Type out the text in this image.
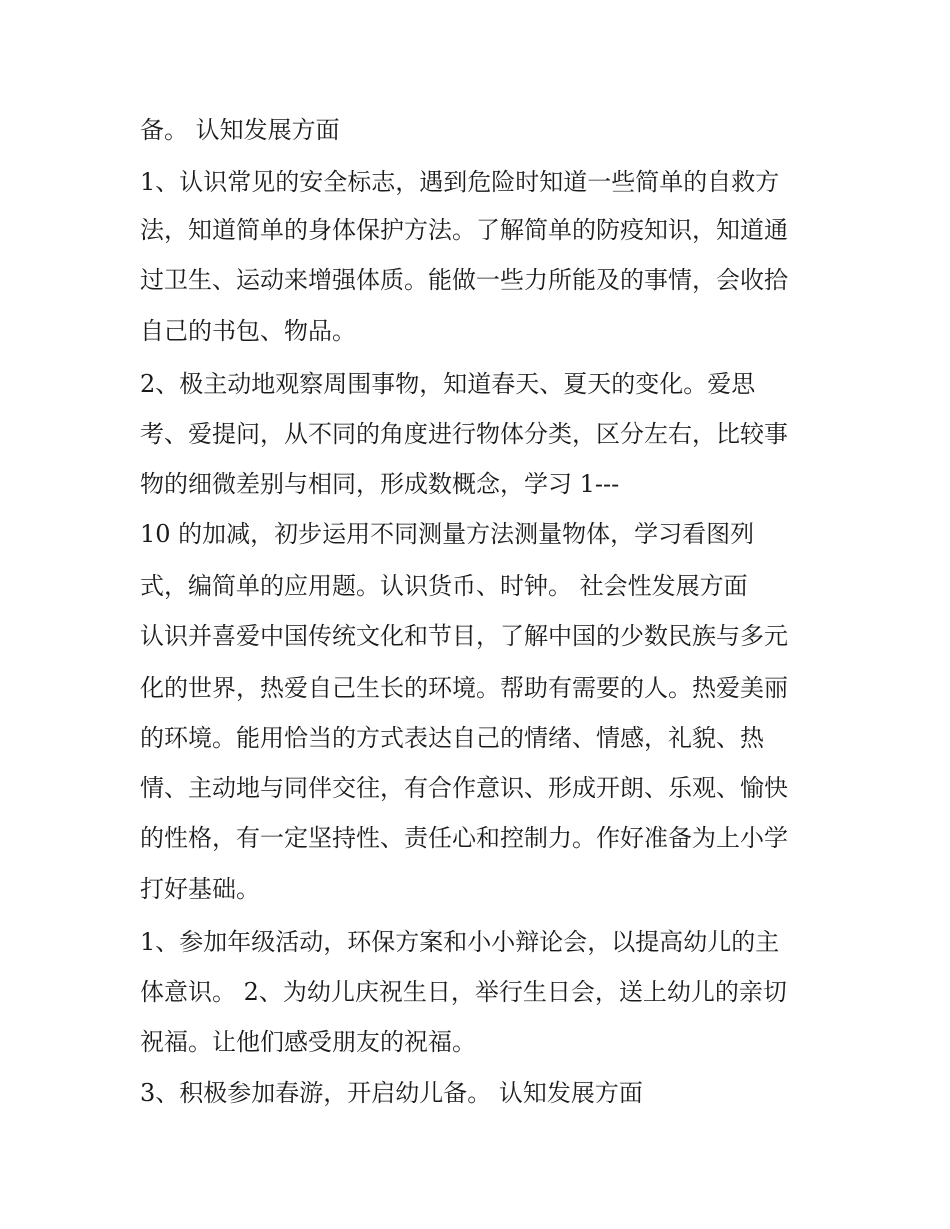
备。 认知发展方面

1、认识常见的安全标志，遇到危险时知道一些简单的自救方

法，知道简单的身体保护方法。了解简单的防疫知识，知道通

过卫生、运动来增强体质。能做一些力所能及的事情，会收拾

自己的书包、物品。

2、极主动地观察周围事物，知道春天、夏天的变化。爱思

考、爱提问，从不同的角度进行物体分类，区分左右，比较事

物的细微差别与相同，形成数概念，学习 1---

10 的加减，初步运用不同测量方法测量物体，学习看图列

式，编简单的应用题。认识货币、时钟。 社会性发展方面

认识并喜爱中国传统文化和节目，了解中国的少数民族与多元

化的世界，热爱自己生长的环境。帮助有需要的人。热爱美丽

的环境。能用恰当的方式表达自己的情绪、情感，礼貌、热

情、主动地与同伴交往，有合作意识、形成开朗、乐观、愉快

的性格，有一定坚持性、责任心和控制力。作好准备为上小学

打好基础。

1、参加年级活动，环保方案和小小辩论会，以提高幼儿的主

体意识。 2、为幼儿庆祝生日，举行生日会，送上幼儿的亲切

祝福。让他们感受朋友的祝福。

3、积极参加春游，开启幼儿备。 认知发展方面
